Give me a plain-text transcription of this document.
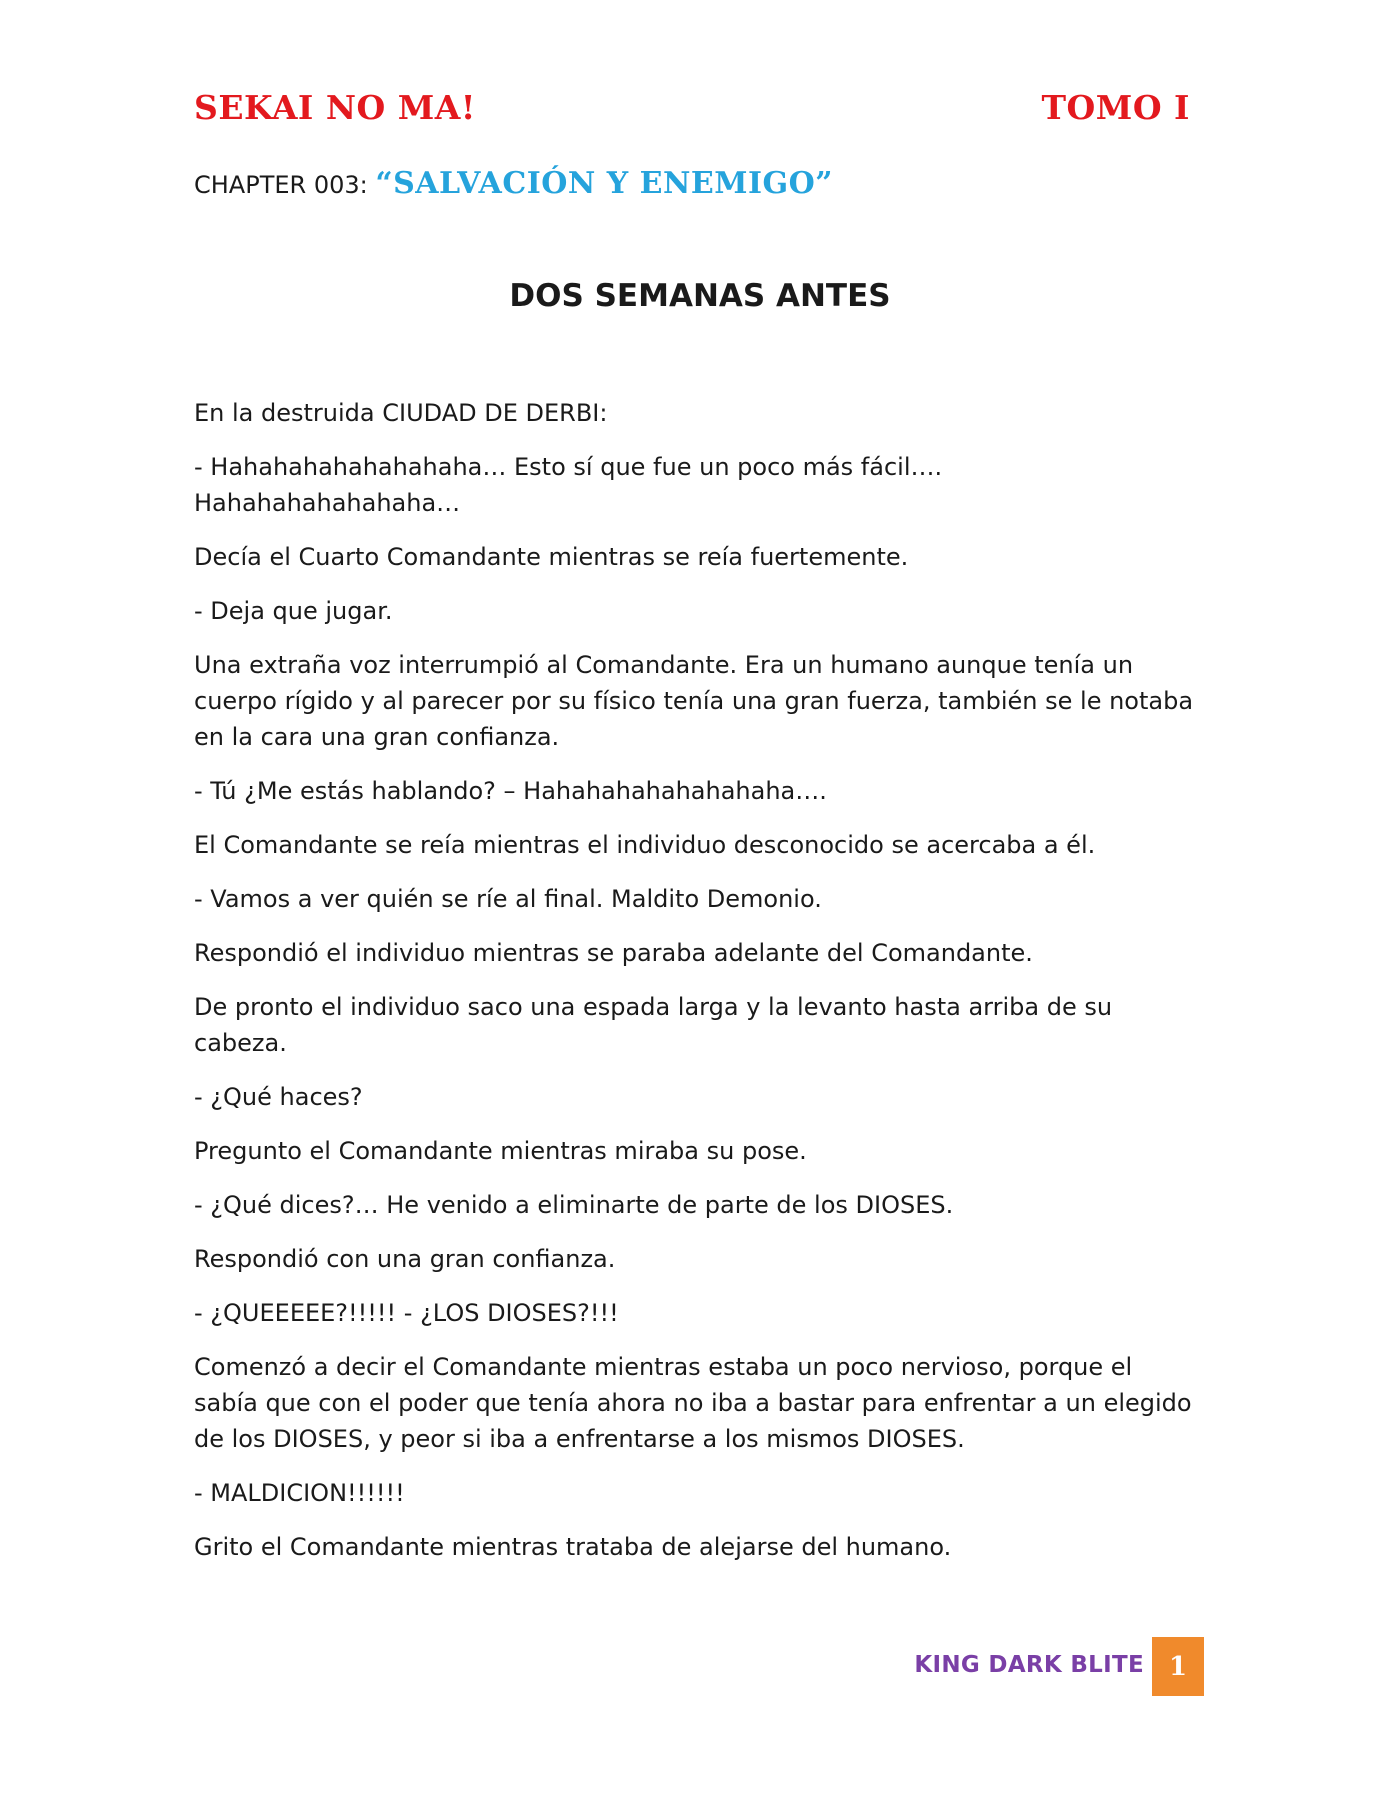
SEKAI NO MA!	TOMO I
CHAPTER 003: “SALVACIÓN Y ENEMIGO”
DOS SEMANAS ANTES

En la destruida CIUDAD DE DERBI:

- Hahahahahahahahaha… Esto sí que fue un poco más fácil…. Hahahahahahahaha…

Decía el Cuarto Comandante mientras se reía fuertemente.

- Deja que jugar.

Una extraña voz interrumpió al Comandante. Era un humano aunque tenía un cuerpo rígido y al parecer por su físico tenía una gran fuerza, también se le notaba en la cara una gran confianza.

- Tú ¿Me estás hablando? – Hahahahahahahahaha….

El Comandante se reía mientras el individuo desconocido se acercaba a él.

- Vamos a ver quién se ríe al final. Maldito Demonio.

Respondió el individuo mientras se paraba adelante del Comandante.

De pronto el individuo saco una espada larga y la levanto hasta arriba de su cabeza.

- ¿Qué haces?

Pregunto el Comandante mientras miraba su pose.

- ¿Qué dices?… He venido a eliminarte de parte de los DIOSES.

Respondió con una gran confianza.

- ¿QUEEEEE?!!!!! - ¿LOS DIOSES?!!!

Comenzó a decir el Comandante mientras estaba un poco nervioso, porque el sabía que con el poder que tenía ahora no iba a bastar para enfrentar a un elegido de los DIOSES, y peor si iba a enfrentarse a los mismos DIOSES.

- MALDICION!!!!!!

Grito el Comandante mientras trataba de alejarse del humano.

KING DARK BLITE 1
